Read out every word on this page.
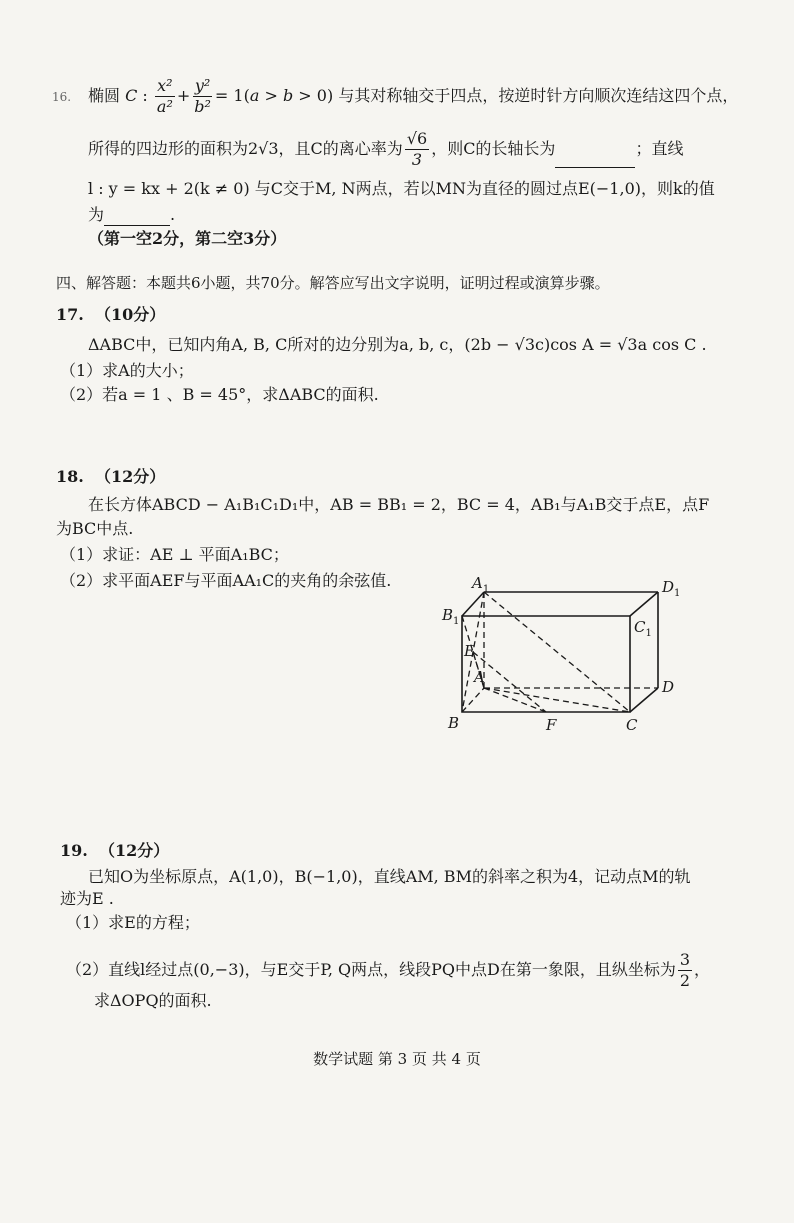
16. 椭圆 C : $\frac{\text{x²}}{\text{a²}} + \frac{\text{y²}}{\text{b²}} = 1(a > b > 0)$ 与其对称轴交于四点，按逆时针方向顺次连结这四个点，
所得的四边形的面积为2√3，且C的离心率为 $\frac{√6}{3}$ ，则C的长轴长为	；直线
l : y = kx + 2(k ≠ 0) 与C交于M, N两点，若以MN为直径的圆过点E(−1,0)，则k的值
为	.
（第一空2分，第二空3分）
四、解答题：本题共6小题，共70分。解答应写出文字说明，证明过程或演算步骤。
17. （10分）
ΔABC中，已知内角A, B, C所对的边分别为a, b, c，(2b − √3c)cos A = √3a cos C .
（1）求A的大小；
（2）若a = 1 、B = 45°，求ΔABC的面积.
18. （12分）
在长方体ABCD − A₁B₁C₁D₁中，AB = BB₁ = 2，BC = 4，AB₁与A₁B交于点E，点F
为BC中点.
（1）求证：AE ⊥ 平面A₁BC；
（2）求平面AEF与平面AA₁C的夹角的余弦值.	$A_1$	$D_1$
$B_1$	$C_1$
E
A
D
B	F	C
19. （12分）
已知O为坐标原点，A(1,0)，B(−1,0)，直线AM, BM的斜率之积为4，记动点M的轨
迹为E .
（1）求E的方程；
（2）直线l经过点(0,−3)，与E交于P, Q两点，线段PQ中点D在第一象限，且纵坐标为 $\frac{3}{2}$ ，
求ΔOPQ的面积.
数学试题 第 3 页 共 4 页
